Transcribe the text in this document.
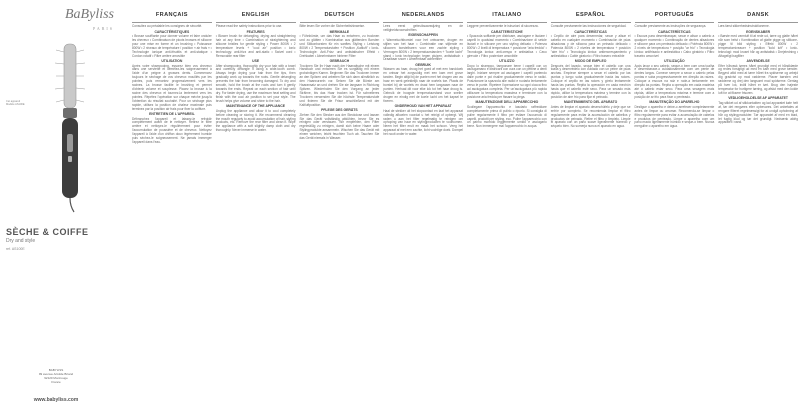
BaByliss
PARIS
Cet appareil
Modèle AS100E
SÈCHE & COIFFE
Dry and style
ref. AS100E
BABYLISS
99 avenue Aristide Briand
92120 Montrouge
France
www.babyliss.com
FRANÇAIS
Consultez au préalable les consignes de sécurité.
CARACTÉRISTIQUES
• Brosse soufflante pour donner volume et faire onduler les cheveux • Combinaison de picots brosses et silicone pour une mise en forme et un brushing • Puissance 800W • 2 niveaux de température / position « air frais » • Technologie ionique anti-frisottis et anti-statique • Cordon rotatif • Filtre arrière amovible
UTILISATION
Après votre shampooing, essorez bien vos cheveux dans une serviette et démêlez-les soigneusement à l'aide d'un peigne à grosses dents. Commencez toujours le séchage de vos cheveux mouillés par les pointes, puis remontez progressivement vers les racines. La brosse facilite le brushing et permet d'obtenir volume et souplesse. Placez la brosse à la racine des cheveux et tournez-la lentement vers les pointes. Répétez l'opération sur chaque mèche jusqu'à l'obtention du résultat souhaité. Pour un séchage plus rapide, utilisez la position de chaleur maximale puis terminez par la position air frais pour fixer la coiffure.
ENTRETIEN DE L'APPAREIL
Débranchez l'appareil et laissez-le refroidir complètement avant de le nettoyer. Retirez le filtre arrière et nettoyez-le régulièrement pour éviter l'accumulation de poussière et de cheveux. Nettoyez l'appareil à l'aide d'un chiffon doux légèrement humide puis séchez-le soigneusement. Ne jamais immerger l'appareil dans l'eau.
ENGLISH
Please read the safety instructions prior to use.
FEATURES
• Blower brush for detangling, drying and straightening hair at any time • Combination of straightening and silicone bristles for gentle styling • Power 800W • 2 temperature levels + "cool air" position • Ionic technology: anti-frizz and anti-static • Swivel cord • Removable rear filter
USE
After shampooing, thoroughly dry your hair with a towel and carefully detangle it using a wide-tooth comb. Always begin drying your hair from the tips, then gradually work up towards the roots. Gentle detangling prevents the hair from becoming damaged. To dry and smooth, hold the brush at the roots and turn it gently towards the ends. Repeat on each section of hair until dry. For faster drying, use the maximum heat setting and finish with the cool air position to set your style. The brush helps give volume and shine to the hair.
MAINTENANCE OF THE APPLIANCE
Unplug the appliance and allow it to cool completely before cleaning or storing it. We recommend cleaning the mouth regularly to avoid accumulation of hair, styling products, etc. Remove the rear filter and clean it. Wipe the appliance with a soft slightly damp cloth and dry thoroughly. Never immerse in water.
DEUTSCH
Bitte lesen Sie vorher die Sicherheitshinweise.
MERKMALE
• Föhnbürste, um das Haar zu entwirren, zu trocknen und zu glätten • Kombination aus glättenden Borsten und Silikonborsten für ein sanftes Styling • Leistung 800W • 2 Temperaturstufen + Position „Kaltluft" • Ionic-Technologie: Anti-Frizz und antistatischer Effekt • Drehkabel • Abnehmbarer hinterer Filter
GEBRAUCH
Trocknen Sie Ihr Haar nach der Haarwäsche mit einem Handtuch und entwirren Sie es sorgfältig mit einem grobzinkigen Kamm. Beginnen Sie das Trocknen immer an den Spitzen und arbeiten Sie sich dann allmählich zu den Haarwurzeln vor. Setzen Sie die Bürste am Haaransatz an und drehen Sie sie langsam in Richtung Spitzen. Wiederholen Sie den Vorgang an jeder Strähne, bis das Haar trocken ist. Für schnelleres Trocknen verwenden Sie die höchste Temperaturstufe und fixieren Sie die Frisur anschließend mit der Kaltluftposition.
PFLEGE DES GERÄTS
Ziehen Sie den Stecker aus der Steckdose und lassen Sie das Gerät vollständig abkühlen, bevor Sie es reinigen oder verstauen. Wir empfehlen, den Filter regelmäßig zu reinigen, damit sich keine Haare oder Stylingprodukte ansammeln. Wischen Sie das Gerät mit einem weichen, leicht feuchten Tuch ab. Tauchen Sie das Gerät niemals in Wasser.
NEDERLANDS
Lees eerst gebruiksaanwijzing en de veiligheidsvoorschriften.
EIGENSCHAPPEN
• Warmeluchtborstel voor het ontwarren, drogen en stijlen van het haar • Combinatie van stijlende en siliconen borstelharen voor een zachte styling • Vermogen 800W • 2 temperatuurstanden + "koele lucht" stand • Ionic technologie: tegen pluizen, antistatisch • Draaibaar snoer • Afneembaar achterfilter
GEBRUIK
Wassen uw haar, droog het goed af met een handdoek en ontwar het zorgvuldig met een kam met grove tanden. Begin altijd bij de punten met het drogen van uw haar en werk geleidelijk naar de wortels toe. Plaats de borstel bij de wortels en draai hem langzaam naar de punten. Herhaal dit voor elke lok tot het haar droog is. Gebruik de hoogste temperatuurstand voor sneller drogen en eindig met de koele lucht om het kapsel te fixeren.
ONDERHOUD VAN HET APPARAAT
Haal de stekker uit het stopcontact en laat het apparaat volledig afkoelen voordat u het reinigt of opbergt. Wij raden u aan het filter regelmatig te reinigen om ophoping van haar en stylingproducten te voorkomen. Neem het filter eruit en maak het schoon. Veeg het apparaat af met een zachte, licht vochtige doek. Dompel het nooit onder in water.
ITALIANO
Leggere preventivamente le istruzioni di sicurezza.
CARATTERISTICHE
• Spazzola soffiante per districare, asciugare e lisciare i capelli in qualsiasi momento • Combinazione di setole lisciati e in silicone per uno styling delicato • Potenza 800W • 2 livelli di temperatura + posizione "aria fredda" • Tecnologia ionica: anti-crespo e antistatica • Cavo girevole • Filtro posteriore amovibile
UTILIZZO
Dopo lo shampoo, tamponare bene i capelli con un asciugamano e districarli con cura con un pettine a denti larghi. Iniziare sempre ad asciugare i capelli partendo dalle punte e poi risalire gradualmente verso le radici. Posizionare la spazzola alle radici e ruotarla lentamente verso le punte. Ripetere l'operazione su ogni ciocca fino ad asciugatura completa. Per un'asciugatura più rapida utilizzare la temperatura massima e terminare con la posizione aria fredda per fissare la piega.
MANUTENZIONE DELL'APPARECCHIO
Scollegare l'apparecchio e lasciarlo raffreddare completamente prima di pulirlo o riporlo. Si consiglia di pulire regolarmente il filtro per evitare l'accumulo di capelli, prodotti per styling, ecc. Pulire l'apparecchio con un panno morbido leggermente umido e asciugarlo bene. Non immergere mai l'apparecchio in acqua.
ESPAÑOL
Consulte previamente las instrucciones de seguridad.
CARACTERÍSTICAS
• Cepillo de aire para desenredar, secar y alisar el cabello en cualquier momento • Combinación de púas alisadoras y de silicona para un peinado delicado • Potencia 800W • 2 niveles de temperatura + posición "aire frío" • Tecnología iónica: antiencrespamiento y antiestática • Cable giratorio • Filtro trasero extraíble
MODO DE EMPLEO
Después del lavado, seque bien el cabello con una toalla y desenrédelo con cuidado con un peine de púas anchas. Empiece siempre a secar el cabello por las puntas y luego suba gradualmente hacia las raíces. Coloque el cepillo en las raíces y gírelo lentamente hacia las puntas. Repita la operación en cada mechón hasta que el cabello esté seco. Para un secado más rápido, utilice la temperatura máxima y termine con la posición de aire frío para fijar el peinado.
MANTENIMIENTO DEL APARATO
Antes de limpiar el aparato desenchúfelo y deje que se enfríe por completo. Se recomienda limpiar el filtro regularmente para evitar la acumulación de cabellos y productos de peinado. Retire el filtro y límpielo. Limpie el aparato con un paño suave ligeramente húmedo y séquelo bien. No sumerja nunca el aparato en agua.
PORTUGUÊS
Consulte previamente as instruções de segurança.
CARACTERÍSTICAS
• Escova para desembaraçar, secar e alisar o cabelo a qualquer momento • Combinação de dentes alisadores e silicone para um penteado delicado • Potência 800W • 2 níveis de temperatura + posição "ar frio" • Tecnologia iónica: antifrisado e antiestática • Cabo giratório • Filtro traseiro amovível
UTILIZAÇÃO
Após lavar o seu cabelo, seque-o bem com uma toalha e desembarace-o cuidadosamente com um pente de dentes largos. Comece sempre a secar o cabelo pelas pontas e suba progressivamente em direção às raízes. Coloque a escova na raiz e rode-a lentamente em direção às pontas. Repita a operação em cada madeixa até o cabelo estar seco. Para uma secagem mais rápida, utilize a temperatura máxima e termine com a posição de ar frio para fixar o penteado.
MANUTENÇÃO DO APARELHO
Desligue o aparelho e deixe-o arrefecer completamente antes de limpar ou arrumar. Recomenda-se limpar o filtro regularmente para evitar a acumulação de cabelos e produtos de penteado. Limpe o aparelho com um pano macio ligeiramente húmido e seque-o bem. Nunca mergulhe o aparelho em água.
DANSK
Læs først sikkerhedsinstruktionerne.
EGENSKABER
• Børste med varmluft til at rede ud, tørre og glatte håret når som helst • Kombination af glatte pigge og silikone-pigge til blid styling • Effekt 800W • 2 temperaturniveauer + position "kold luft" • Ionic-teknologi: mod kruset hår og antistatisk • Drejeledning • Aftageligt bagfilter
ANVENDELSE
Efter hårvask tørres håret grundigt med et håndklæde og redes forsigtigt ud med en kam med grove tænder. Begynd altid med at tørre håret fra spidserne og arbejd dig gradvist op mod rødderne. Placer børsten ved rødderne og drej den langsomt mod spidserne. Gentag på hver lok, indtil håret er tørt. Brug den højeste temperatur for hurtigere tørring, og afslut med den kolde luft for at fiksere frisuren.
VEDLIGEHOLDELSE AF APPARATET
Tag stikket ud af stikkontakten og lad apparatet køle helt af, før det rengøres eller opbevares. Det anbefales at rengøre filteret regelmæssigt for at undgå ophobning af hår og stylingprodukter. Tør apparatet af med en blød, let fugtig klud og tør det grundigt. Nedsænk aldrig apparatet i vand.
